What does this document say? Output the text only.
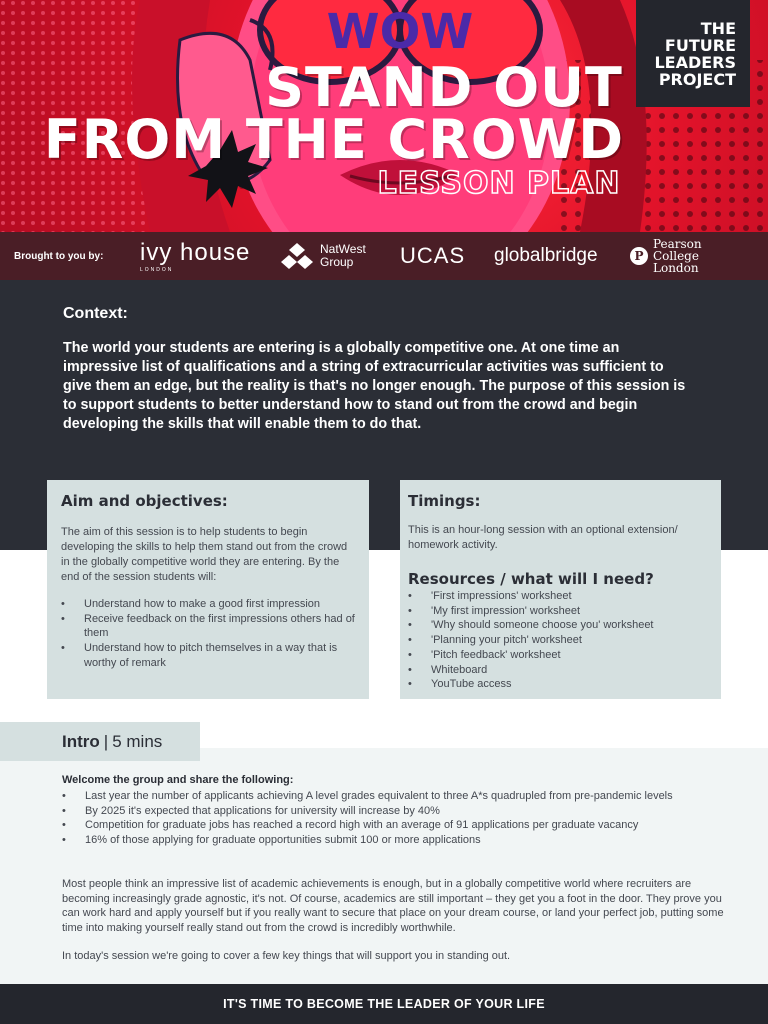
WOW
STAND OUT
FROM THE CROWD
LESSON PLAN
THE
FUTURE
LEADERS
PROJECT
Brought to you by:	ivy house
LONDON
NatWest
Group	UCAS globalbridge	P
Pearson
College
London
Context:
The world your students are entering is a globally competitive one. At one time an impressive list of qualifications and a string of extracurricular activities was sufficient to give them an edge, but the reality is that's no longer enough. The purpose of this session is to support students to better understand how to stand out from the crowd and begin developing the skills that will enable them to do that.
Aim and objectives:

The aim of this session is to help students to begin developing the skills to help them stand out from the crowd in the globally competitive world they are entering. By the end of the session students will:

• Understand how to make a good first impression
• Receive feedback on the first impressions others had of them
• Understand how to pitch themselves in a way that is worthy of remark
Timings:

This is an hour-long session with an optional extension/ homework activity.

Resources / what will I need?
• 'First impressions' worksheet
• 'My first impression' worksheet
• 'Why should someone choose you' worksheet
• 'Planning your pitch' worksheet
• 'Pitch feedback' worksheet
• Whiteboard
• YouTube access
Intro | 5 mins
Welcome the group and share the following:
• Last year the number of applicants achieving A level grades equivalent to three A*s quadrupled from pre-pandemic levels
• By 2025 it's expected that applications for university will increase by 40%
• Competition for graduate jobs has reached a record high with an average of 91 applications per graduate vacancy
• 16% of those applying for graduate opportunities submit 100 or more applications

Most people think an impressive list of academic achievements is enough, but in a globally competitive world where recruiters are becoming increasingly grade agnostic, it's not. Of course, academics are still important – they get you a foot in the door. They prove you can work hard and apply yourself but if you really want to secure that place on your dream course, or land your perfect job, putting some time into making yourself really stand out from the crowd is incredibly worthwhile.

In today's session we're going to cover a few key things that will support you in standing out.

IT'S TIME TO BECOME THE LEADER OF YOUR LIFE
